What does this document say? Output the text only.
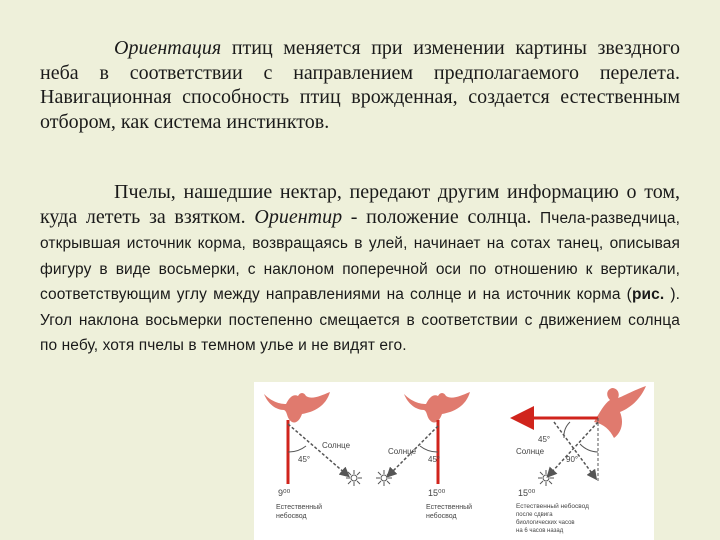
Ориентация птиц меняется при изменении картины звездного неба в соответствии с направлением предполагаемого перелета. Навигационная способность птиц врожденная, создается естественным отбором, как система инстинктов.
Пчелы, нашедшие нектар, передают другим информацию о том, куда лететь за взятком. Ориентир - положение солнца. Пчела-разведчица, открывшая источник корма, возвращаясь в улей, начинает на сотах танец, описывая фигуру в виде восьмерки, с наклоном поперечной оси по отношению к вертикали, соответствующим углу между направлениями на солнце и на источник корма (рис. ). Угол наклона восьмерки постепенно смещается в соответствии с движением солнца по небу, хотя пчелы в темном улье и не видят его.
45°
Солнце
9⁰⁰
Естественный
небосвод
45°
Солнце
15⁰⁰
Естественный
небосвод
45°
90°
Солнце
15⁰⁰
Естественный небосвод
после сдвига
биологических часов
на 6 часов назад
